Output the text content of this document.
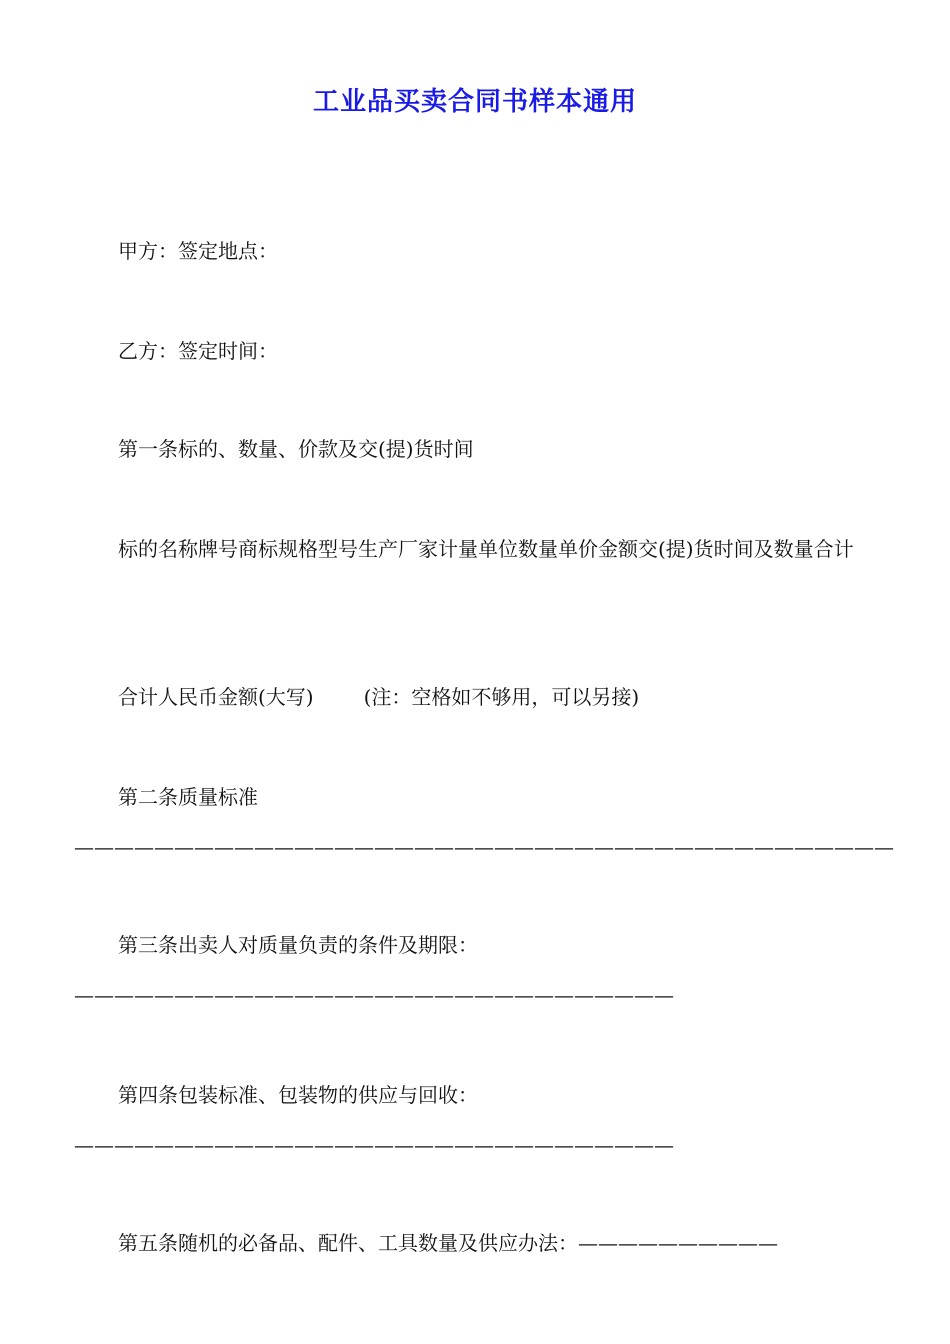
工业品买卖合同书样本通用
甲方：签定地点：
乙方：签定时间：
第一条标的、数量、价款及交(提)货时间
标的名称牌号商标规格型号生产厂家计量单位数量单价金额交(提)货时间及数量合计
合计人民币金额(大写)	(注：空格如不够用，可以另接)
第二条质量标准—————————————————————————————————————————
第三条出卖人对质量负责的条件及期限：——————————————————————————————
第四条包装标准、包装物的供应与回收：——————————————————————————————
第五条随机的必备品、配件、工具数量及供应办法：——————————
